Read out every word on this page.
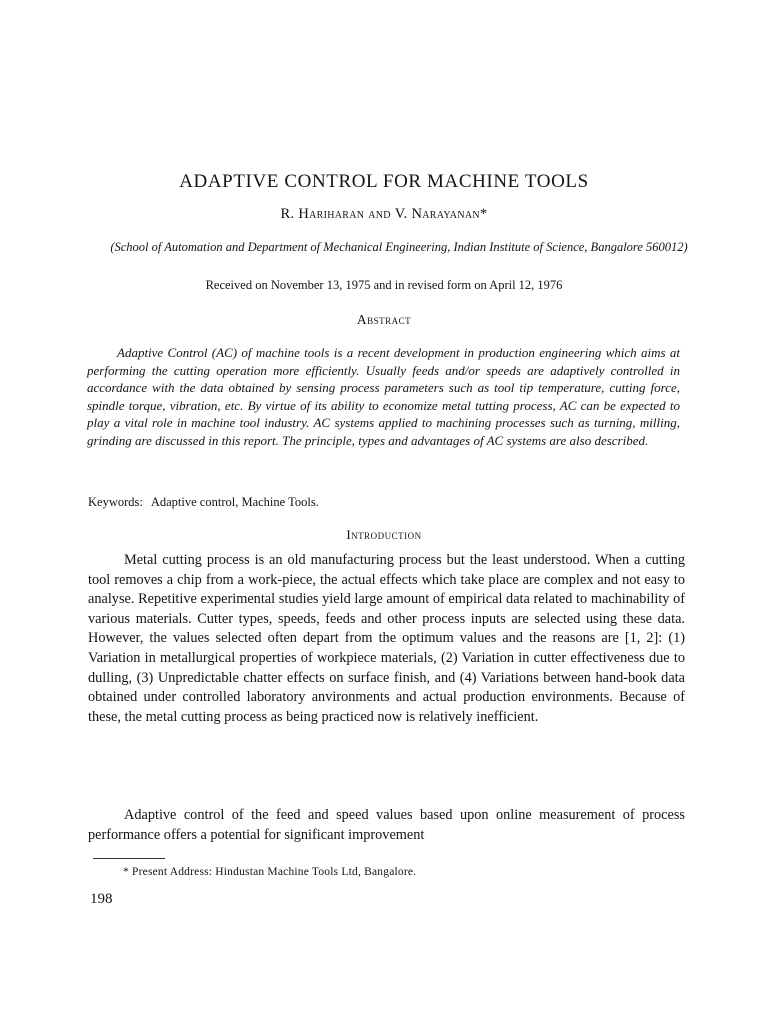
ADAPTIVE CONTROL FOR MACHINE TOOLS

R. Hariharan and V. Narayanan*

(School of Automation and Department of Mechanical Engineering, Indian Institute of Science, Bangalore 560012)

Received on November 13, 1975 and in revised form on April 12, 1976

Abstract

Adaptive Control (AC) of machine tools is a recent development in production engineering which aims at performing the cutting operation more efficiently. Usually feeds and/or speeds are adaptively controlled in accordance with the data obtained by sensing process parameters such as tool tip temperature, cutting force, spindle torque, vibration, etc. By virtue of its ability to economize metal tutting process, AC can be expected to play a vital role in machine tool industry. AC systems applied to machining processes such as turning, milling, grinding are discussed in this report. The principle, types and advantages of AC systems are also described.

Keywords: Adaptive control, Machine Tools.

Introduction

Metal cutting process is an old manufacturing process but the least understood. When a cutting tool removes a chip from a work-piece, the actual effects which take place are complex and not easy to analyse. Repetitive experimental studies yield large amount of empirical data related to machinability of various materials. Cutter types, speeds, feeds and other process inputs are selected using these data. However, the values selected often depart from the optimum values and the reasons are [1, 2]: (1) Variation in metallurgical properties of workpiece materials, (2) Variation in cutter effectiveness due to dulling, (3) Unpredictable chatter effects on surface finish, and (4) Variations between hand-book data obtained under controlled laboratory anvironments and actual production environments. Because of these, the metal cutting process as being practiced now is relatively inefficient.

Adaptive control of the feed and speed values based upon online measurement of process performance offers a potential for significant improvement

* Present Address: Hindustan Machine Tools Ltd, Bangalore.

198
